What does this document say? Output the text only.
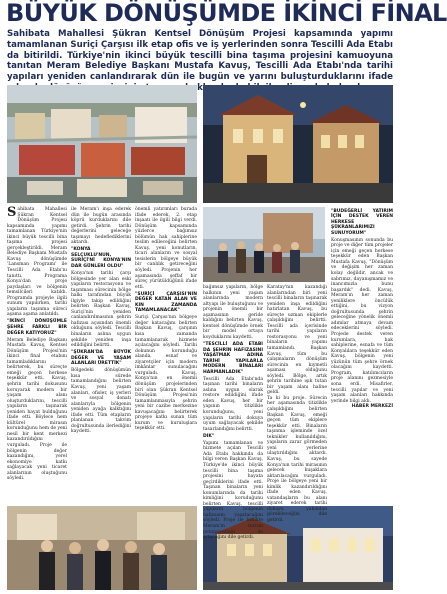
BÜYÜK DÖNÜŞÜMDE İKİNCİ FİNAL
Sahibata Mahallesi Şükran Kentsel Dönüşüm Projesi kapsamında yapımı tamamlanan Suriçi Çarşısı ilk etap ofis ve iş yerlerinden sonra Tescilli Ada Etabı da bitirildi. Türkiye'nin ikinci büyük tescilli bina taşıma projesini kamuoyuna tanıtan Meram Belediye Başkanı Mustafa Kavuş, Tescilli Ada Etabı'nda tarihi yapıları yeniden canlandırarak dün ile bugün ve yarını buluşturduklarını ifade
S ahibata Mahallesi Şükran Kentsel Dönüşüm Projesi kapsamında yapımı tamamlanan Türkiye'nin ikinci büyük tescilli bina taşıma projesi gerçekleştirildi. Meram Belediye Başkanı Mustafa Kavuş dönüşümde 'Lansman Programı' ile Tescilli Ada Etabı'nı tanıttı. Programa Konya'dan proje paydaşları ve bölgenin temsilcileri katıldı. Programda projeyle ilgili sunum yapılırken, tarihi yapıların taşınma süreci aşama aşama anlatıldı.

"İKİNCİ DÖNÜŞÜMLE ŞEHRE FARKLI BİR DEĞER KATIYORUZ"

Meram Belediye Başkanı Mustafa Kavuş, Kentsel Dönüşüm Projesi'nin ikinci final etabını tamamladıklarını belirterek, bu süreçte emeği geçen herkese teşekkür etti. Kavuş, şehrin tarihi dokusunu koruyarak modern bir yaşam alanı oluşturduklarını, tescilli yapıların taşınarak yeniden hayat bulduğunu ifade etti. Böylece hem kültürel mirasın korunduğunu hem de yeni nesil bir kent merkezi kazandırıldığını vurguladı. Proje ile bölgenin değer kazandığını, yerel ekonomiye katkı sağlayacak yeni ticaret alanlarının oluştuğunu söyledi.

ile Meram'ı inşa ederek dün ile bugün arasında köprü kurduklarını dile getirdi. Şehrin tarihi değerlerini geleceğe taşımayı hedeflediklerini aktardı.

"KONYA SELÇUKLU'NUN, SURİÇİ'Nİ KONYA'NIN DAR GÜNLERİ OLDU"

Konya'nın tarihi çarşı bölgesinde yer alan eski yapıların restorasyonu ve taşınması sürecinin bölge halkı tarafından büyük ilgiyle takip edildiğini belirten Başkan Kavuş, Suriçi'nin yeniden canlandırılmasının şehrin hafızası açısından önemli olduğunu söyledi. Tescilli binaların aslına uygun şekilde yeniden inşa edildiğini belirtti.

"ŞÜKRAN'DA BÜYÜK DEĞER VE YAŞAM ALANLARI ÜRETTİK"

Bölgedeki dönüşümün kısa sürede tamamlandığını belirten Kavuş, yeni yaşam alanları, ofisler, iş yerleri ve sosyal donatı alanlarıyla bölgenin yeniden ayağa kalktığını ifade etti. Tüm etapların planlanan takvim doğrultusunda ilerlediğini kaydetti.

önemli yatırımları burada ifade ederek, 2. etap inşaatı ile ilgili bilgi verdi. Dönüşüm kapsamında yüzlerce bağımsız bölümün hak sahiplerine teslim edileceğini belirten Kavuş, yeni konutların, ticari alanların ve sosyal tesislerin bölgeye büyük bir canlılık getireceğini söyledi. Projenin her aşamasında şeffaf bir süreç yürütüldüğünü ifade etti.

"SURİÇİ ÇARŞISI'NIN DEĞER KATAN ALAN VE KIN ZAMANDA TAMAMLANACAK"

Suriçi Çarşısı'nın bölgeye değer katacağını belirten Başkan Kavuş, çarşının kısa zamanda tamamlanarak hizmete açılacağını söyledi. Tarihi dokunun korunduğu alanda, esnaf ve ziyaretçiler için modern imkânlar sunulacağını vurguladı. Kavuş, Konya'nın en önemli dönüşüm projelerinden biri olan Şükran Kentsel Dönüşüm Projesi'nin tamamlanmasıyla şehrin yeni bir cazibe merkezine kavuşacağını belirterek projeye katkı sunan tüm kurum ve kuruluşlara teşekkür etti.

bağımsız yapıların, bölge halkının yeni yaşam alanlarında modern altyapı ile buluştuğunu ve projenin önemli bir aşamasının geride kaldığını belirten Kavuş, kentsel dönüşümde örnek bir model ortaya koyduklarını kaydetti.

"TESCİLLİ ADA ETABI DA ŞEHRİN HAFIZASINI YAŞATMAK ADINA TARİHİ YAPILARLA MODERN BİNALARI HARMANLADIK"

Tescilli Ada Etabı'nda taşınan tarihi binaların aslına uygun olarak restore edildiğini ifade eden Kavuş, her bir yapının titizlikle korunduğunu, yeni yapıların tarihi dokuya uyum sağlayacak şekilde tasarlandığını belirtti.

DIK"

Yapımı tamamlanan ve hizmete açılan Tescilli Ada Etabı hakkında da bilgi veren Başkan Kavuş, Türkiye'de ikinci büyük tescilli bina taşıma projesini hayata geçirdiklerini ifade etti. Taşınan binaların yeni konumlarında da tarihi kimliğini koruduğunu belirten Kavuş, tescilli yapıların bölgenin hafızasını yaşatacağını söyledi. Proje ile birlikte Meram'ın turizm potansiyelinin de artacağını dile getirdi.

Karatay'nın kazandığı alanlarından biri yeni tescilli binaların taşınarak yeniden inşa edildiğini hatırlatan Kavuş, bu süreçte uzman ekiplerle çalışıldığını belirtti. Tescilli ada içerisinde tarihi yapıların restorasyonu ve yeni binaların yapımı tamamlandı. Başkan Kavuş, tüm bu çalışmaların dönüşüm sürecinin en kıymetli aşaması olduğunu söyledi. Bölge, artık şehrin tarihine ışık tutan bir yaşam alanı haline geldi.

Ta ki bu proje. Sürecin her aşamasında titizlikle çalışıldığını belirten Başkan Kavuş, emeği geçen tüm ekiplere teşekkür etti. Binaların taşınma işleminde özel teknikler kullanıldığını, yapıların zarar görmeden yeni yerlerine ulaştırıldığını aktardı. Kavuş, bu sayede Konya'nın tarihi mirasının gelecek kuşaklara aktarılacağını vurguladı. Proje ile bölgeye yeni bir kimlik kazandırıldığını ifade eden Kavuş, vatandaşların bu alanı ziyaret ederek tarihi dokuyu yakından görebileceğini dile getirdi.

"BUDEĞERLİ YATIRIM İÇİN DESTEK VEREN HERKESE ŞÜKRANLARIMIZI SUNUYORUM"

Konuşmasının sonunda bu proje ve diğer tüm projeler için emeği geçen herkese teşekkür eden Başkan Mustafa Kavuş, "Dönüşüm ve değişim her zaman kolay değildir, ancak ve sabrımız, dayanışmamız ve inancımızla bunu başardık" dedi. Kavuş, Meram'ın her zaman yeniliklere öncülük ettiğini, bu vizyon doğrultusunda şehrin geleceğine yönelik önemli adımlar atmaya devam edeceklerini söyledi. Projede destek veren kurumlara, hak sahiplerine, esnafa ve tüm Konyalılara teşekkür eden Kavuş, bölgenin yeni yüzünün tüm şehre örnek olacağını kaydetti. Program, katılımcıların proje alanını gezmesiyle sona erdi. Misafirler, tescilli yapılar ve yeni yaşam alanları hakkında yerinde bilgi aldı.

HABER MERKEZİ
